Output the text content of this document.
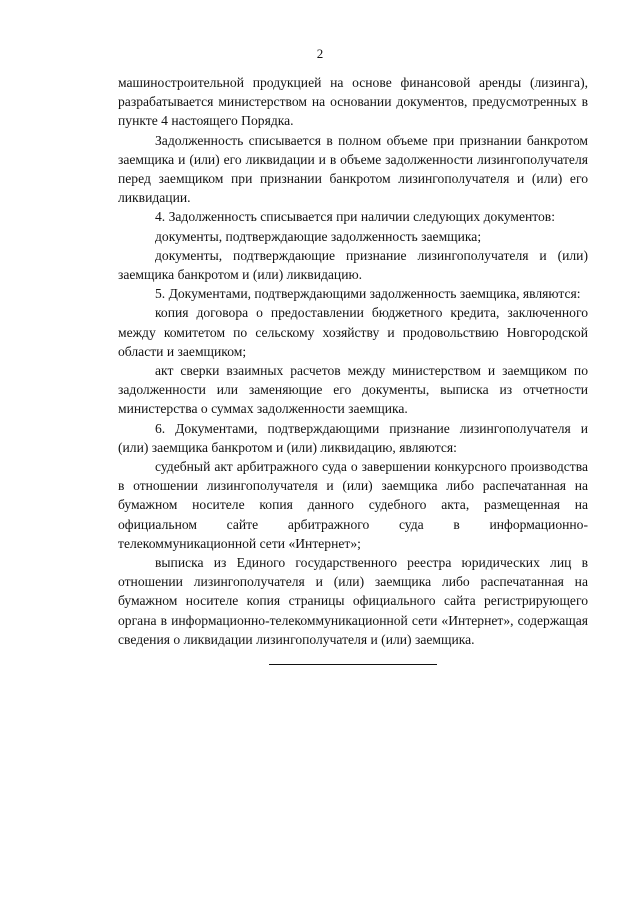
2

машиностроительной продукцией на основе финансовой аренды (лизинга), разрабатывается министерством на основании документов, предусмотренных в пункте 4 настоящего Порядка.

Задолженность списывается в полном объеме при признании банкротом заемщика и (или) его ликвидации и в объеме задолженности лизингополучателя перед заемщиком при признании банкротом лизингополучателя и (или) его ликвидации.

4. Задолженность списывается при наличии следующих документов:

документы, подтверждающие задолженность заемщика;

документы, подтверждающие признание лизингополучателя и (или) заемщика банкротом и (или) ликвидацию.

5. Документами, подтверждающими задолженность заемщика, являются:

копия договора о предоставлении бюджетного кредита, заключенного между комитетом по сельскому хозяйству и продовольствию Новгородской области и заемщиком;

акт сверки взаимных расчетов между министерством и заемщиком по задолженности или заменяющие его документы, выписка из отчетности министерства о суммах задолженности заемщика.

6. Документами, подтверждающими признание лизингополучателя и (или) заемщика банкротом и (или) ликвидацию, являются:

судебный акт арбитражного суда о завершении конкурсного производства в отношении лизингополучателя и (или) заемщика либо распечатанная на бумажном носителе копия данного судебного акта, размещенная на официальном сайте арбитражного суда в информационно-телекоммуникационной сети «Интернет»;

выписка из Единого государственного реестра юридических лиц в отношении лизингополучателя и (или) заемщика либо распечатанная на бумажном носителе копия страницы официального сайта регистрирующего органа в информационно-телекоммуникационной сети «Интернет», содержащая сведения о ликвидации лизингополучателя и (или) заемщика.
